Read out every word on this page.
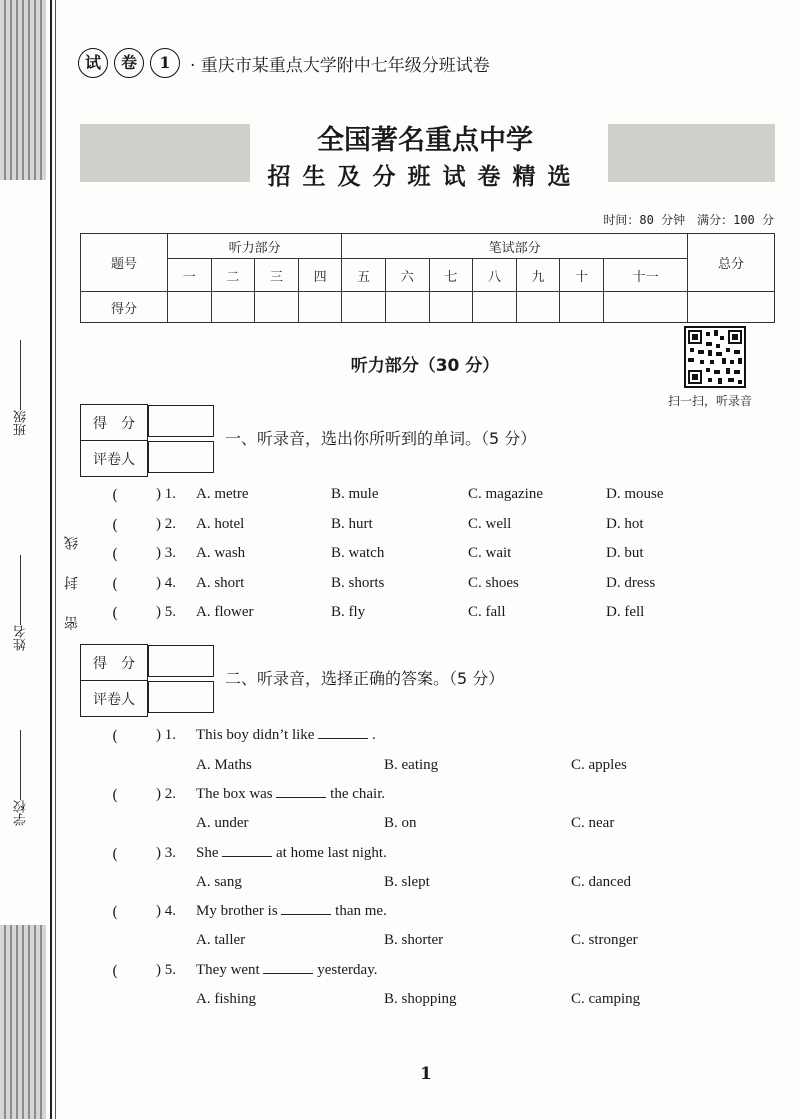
班级
姓名
学校
密封线
试	卷	1	· 重庆市某重点大学附中七年级分班试卷
全国著名重点中学
招生及分班试卷精选
时间：80 分钟　满分：100 分
题号	听力部分				笔试部分							总分
	一	二	三	四	五	六	七	八	九	十	十一	
得分												
听力部分（30 分）
扫一扫，听录音
得　分	
评卷人	
一、听录音，选出你所听到的单词。（5 分）
(	) 1. A. metre	B. mule	C. magazine	D. mouse
(	) 2. A. hotel	B. hurt	C. well	D. hot
(	) 3. A. wash	B. watch	C. wait	D. but
(	) 4. A. short	B. shorts	C. shoes	D. dress
(	) 5. A. flower	B. fly	C. fall	D. fell
得　分	
评卷人	
二、听录音，选择正确的答案。（5 分）
(	) 1. This boy didn’t like	.
A. Maths	B. eating	C. apples
(	) 2. The box was	the chair.
A. under	B. on	C. near
(	) 3. She	at home last night.
A. sang	B. slept	C. danced
(	) 4. My brother is	than me.
A. taller	B. shorter	C. stronger
(	) 5. They went	yesterday.
A. fishing	B. shopping	C. camping
1
